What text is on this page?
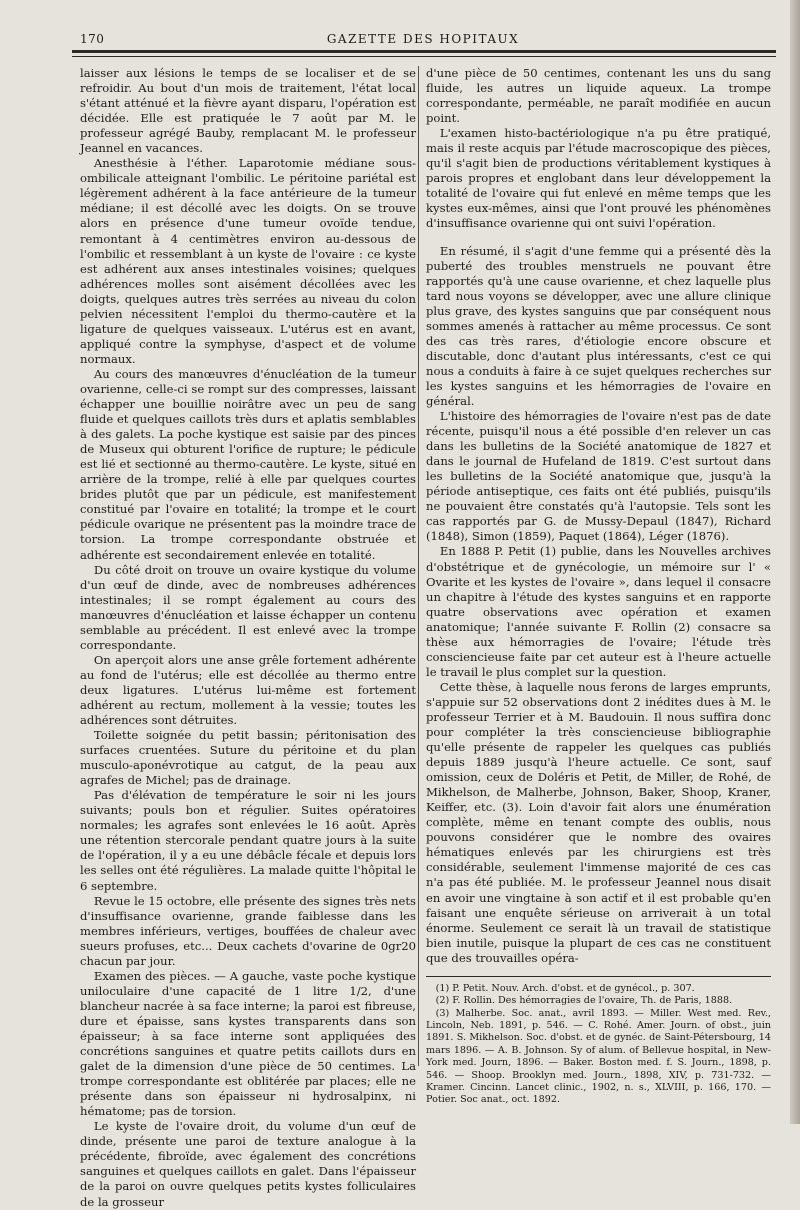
170	GAZETTE DES HOPITAUX

laisser aux lésions le temps de se localiser et de se refroidir. Au bout d'un mois de traitement, l'état local s'étant atténué et la fièvre ayant disparu, l'opération est décidée. Elle est pratiquée le 7 août par M. le professeur agrégé Bauby, remplacant M. le professeur Jeannel en vacances.

Anesthésie à l'éther. Laparotomie médiane sous-ombilicale atteignant l'ombilic. Le péritoine pariétal est légèrement adhérent à la face antérieure de la tumeur médiane; il est décollé avec les doigts. On se trouve alors en présence d'une tumeur ovoïde tendue, remontant à 4 centimètres environ au-dessous de l'ombilic et ressemblant à un kyste de l'ovaire : ce kyste est adhérent aux anses intestinales voisines; quelques adhérences molles sont aisément décollées avec les doigts, quelques autres très serrées au niveau du colon pelvien nécessitent l'emploi du thermo-cautère et la ligature de quelques vaisseaux. L'utérus est en avant, appliqué contre la symphyse, d'aspect et de volume normaux.

Au cours des manœuvres d'énucléation de la tumeur ovarienne, celle-ci se rompt sur des compresses, laissant échapper une bouillie noirâtre avec un peu de sang fluide et quelques caillots très durs et aplatis semblables à des galets. La poche kystique est saisie par des pinces de Museux qui obturent l'orifice de rupture; le pédicule est lié et sectionné au thermo-cautère. Le kyste, situé en arrière de la trompe, relié à elle par quelques courtes brides plutôt que par un pédicule, est manifestement constitué par l'ovaire en totalité; la trompe et le court pédicule ovarique ne présentent pas la moindre trace de torsion. La trompe correspondante obstruée et adhérente est secondairement enlevée en totalité.

Du côté droit on trouve un ovaire kystique du volume d'un œuf de dinde, avec de nombreuses adhérences intestinales; il se rompt également au cours des manœuvres d'énucléation et laisse échapper un contenu semblable au précédent. Il est enlevé avec la trompe correspondante.

On aperçoit alors une anse grêle fortement adhérente au fond de l'utérus; elle est décollée au thermo entre deux ligatures. L'utérus lui-même est fortement adhérent au rectum, mollement à la vessie; toutes les adhérences sont détruites.

Toilette soignée du petit bassin; péritonisation des surfaces cruentées. Suture du péritoine et du plan musculo-aponévrotique au catgut, de la peau aux agrafes de Michel; pas de drainage.

Pas d'élévation de température le soir ni les jours suivants; pouls bon et régulier. Suites opératoires normales; les agrafes sont enlevées le 16 août. Après une rétention stercorale pendant quatre jours à la suite de l'opération, il y a eu une débâcle fécale et depuis lors les selles ont été régulières. La malade quitte l'hôpital le 6 septembre.

Revue le 15 octobre, elle présente des signes très nets d'insuffisance ovarienne, grande faiblesse dans les membres inférieurs, vertiges, bouffées de chaleur avec sueurs profuses, etc... Deux cachets d'ovarine de 0gr20 chacun par jour.

Examen des pièces. — A gauche, vaste poche kystique uniloculaire d'une capacité de 1 litre 1/2, d'une blancheur nacrée à sa face interne; la paroi est fibreuse, dure et épaisse, sans kystes transparents dans son épaisseur; à sa face interne sont appliquées des concrétions sanguines et quatre petits caillots durs en galet de la dimension d'une pièce de 50 centimes. La trompe correspondante est oblitérée par places; elle ne présente dans son épaisseur ni hydrosalpinx, ni hématome; pas de torsion.

Le kyste de l'ovaire droit, du volume d'un œuf de dinde, présente une paroi de texture analogue à la précédente, fibroïde, avec également des concrétions sanguines et quelques caillots en galet. Dans l'épaisseur de la paroi on ouvre quelques petits kystes folliculaires de la grosseur

d'une pièce de 50 centimes, contenant les uns du sang fluide, les autres un liquide aqueux. La trompe correspondante, perméable, ne paraît modifiée en aucun point.

L'examen histo-bactériologique n'a pu être pratiqué, mais il reste acquis par l'étude macroscopique des pièces, qu'il s'agit bien de productions véritablement kystiques à parois propres et englobant dans leur développement la totalité de l'ovaire qui fut enlevé en même temps que les kystes eux-mêmes, ainsi que l'ont prouvé les phénomènes d'insuffisance ovarienne qui ont suivi l'opération.

En résumé, il s'agit d'une femme qui a présenté dès la puberté des troubles menstruels ne pouvant être rapportés qu'à une cause ovarienne, et chez laquelle plus tard nous voyons se développer, avec une allure clinique plus grave, des kystes sanguins que par conséquent nous sommes amenés à rattacher au même processus. Ce sont des cas très rares, d'étiologie encore obscure et discutable, donc d'autant plus intéressants, c'est ce qui nous a conduits à faire à ce sujet quelques recherches sur les kystes sanguins et les hémorragies de l'ovaire en général.

L'histoire des hémorragies de l'ovaire n'est pas de date récente, puisqu'il nous a été possible d'en relever un cas dans les bulletins de la Société anatomique de 1827 et dans le journal de Hufeland de 1819. C'est surtout dans les bulletins de la Société anatomique que, jusqu'à la période antiseptique, ces faits ont été publiés, puisqu'ils ne pouvaient être constatés qu'à l'autopsie. Tels sont les cas rapportés par G. de Mussy-Depaul (1847), Richard (1848), Simon (1859), Paquet (1864), Léger (1876).

En 1888 P. Petit (1) publie, dans les Nouvelles archives d'obstétrique et de gynécologie, un mémoire sur l' « Ovarite et les kystes de l'ovaire », dans lequel il consacre un chapitre à l'étude des kystes sanguins et en rapporte quatre observations avec opération et examen anatomique; l'année suivante F. Rollin (2) consacre sa thèse aux hémorragies de l'ovaire; l'étude très consciencieuse faite par cet auteur est à l'heure actuelle le travail le plus complet sur la question.

Cette thèse, à laquelle nous ferons de larges emprunts, s'appuie sur 52 observations dont 2 inédites dues à M. le professeur Terrier et à M. Baudouin. Il nous suffira donc pour compléter la très consciencieuse bibliographie qu'elle présente de rappeler les quelques cas publiés depuis 1889 jusqu'à l'heure actuelle. Ce sont, sauf omission, ceux de Doléris et Petit, de Miller, de Rohé, de Mikhelson, de Malherbe, Johnson, Baker, Shoop, Kraner, Keiffer, etc. (3). Loin d'avoir fait alors une énumération complète, même en tenant compte des oublis, nous pouvons considérer que le nombre des ovaires hématiques enlevés par les chirurgiens est très considérable, seulement l'immense majorité de ces cas n'a pas été publiée. M. le professeur Jeannel nous disait en avoir une vingtaine à son actif et il est probable qu'en faisant une enquête sérieuse on arriverait à un total énorme. Seulement ce serait là un travail de statistique bien inutile, puisque la plupart de ces cas ne constituent que des trouvailles opéra-

(1) P. Petit. Nouv. Arch. d'obst. et de gynécol., p. 307.

(2) F. Rollin. Des hémorragies de l'ovaire, Th. de Paris, 1888.

(3) Malherbe. Soc. anat., avril 1893. — Miller. West med. Rev., Lincoln, Neb. 1891, p. 546. — C. Rohé. Amer. Journ. of obst., juin 1891. S. Mikhelson. Soc. d'obst. et de gynéc. de Saint-Pétersbourg, 14 mars 1896. — A. B. Johnson. Sy of alum. of Bellevue hospital, in New-York med. Journ, 1896. — Baker. Boston med. f. S. Journ., 1898, p. 546. — Shoop. Brooklyn med. Journ., 1898, XIV, p. 731-732. — Kramer. Cincinn. Lancet clinic., 1902, n. s., XLVIII, p. 166, 170. — Potier. Soc anat., oct. 1892.
